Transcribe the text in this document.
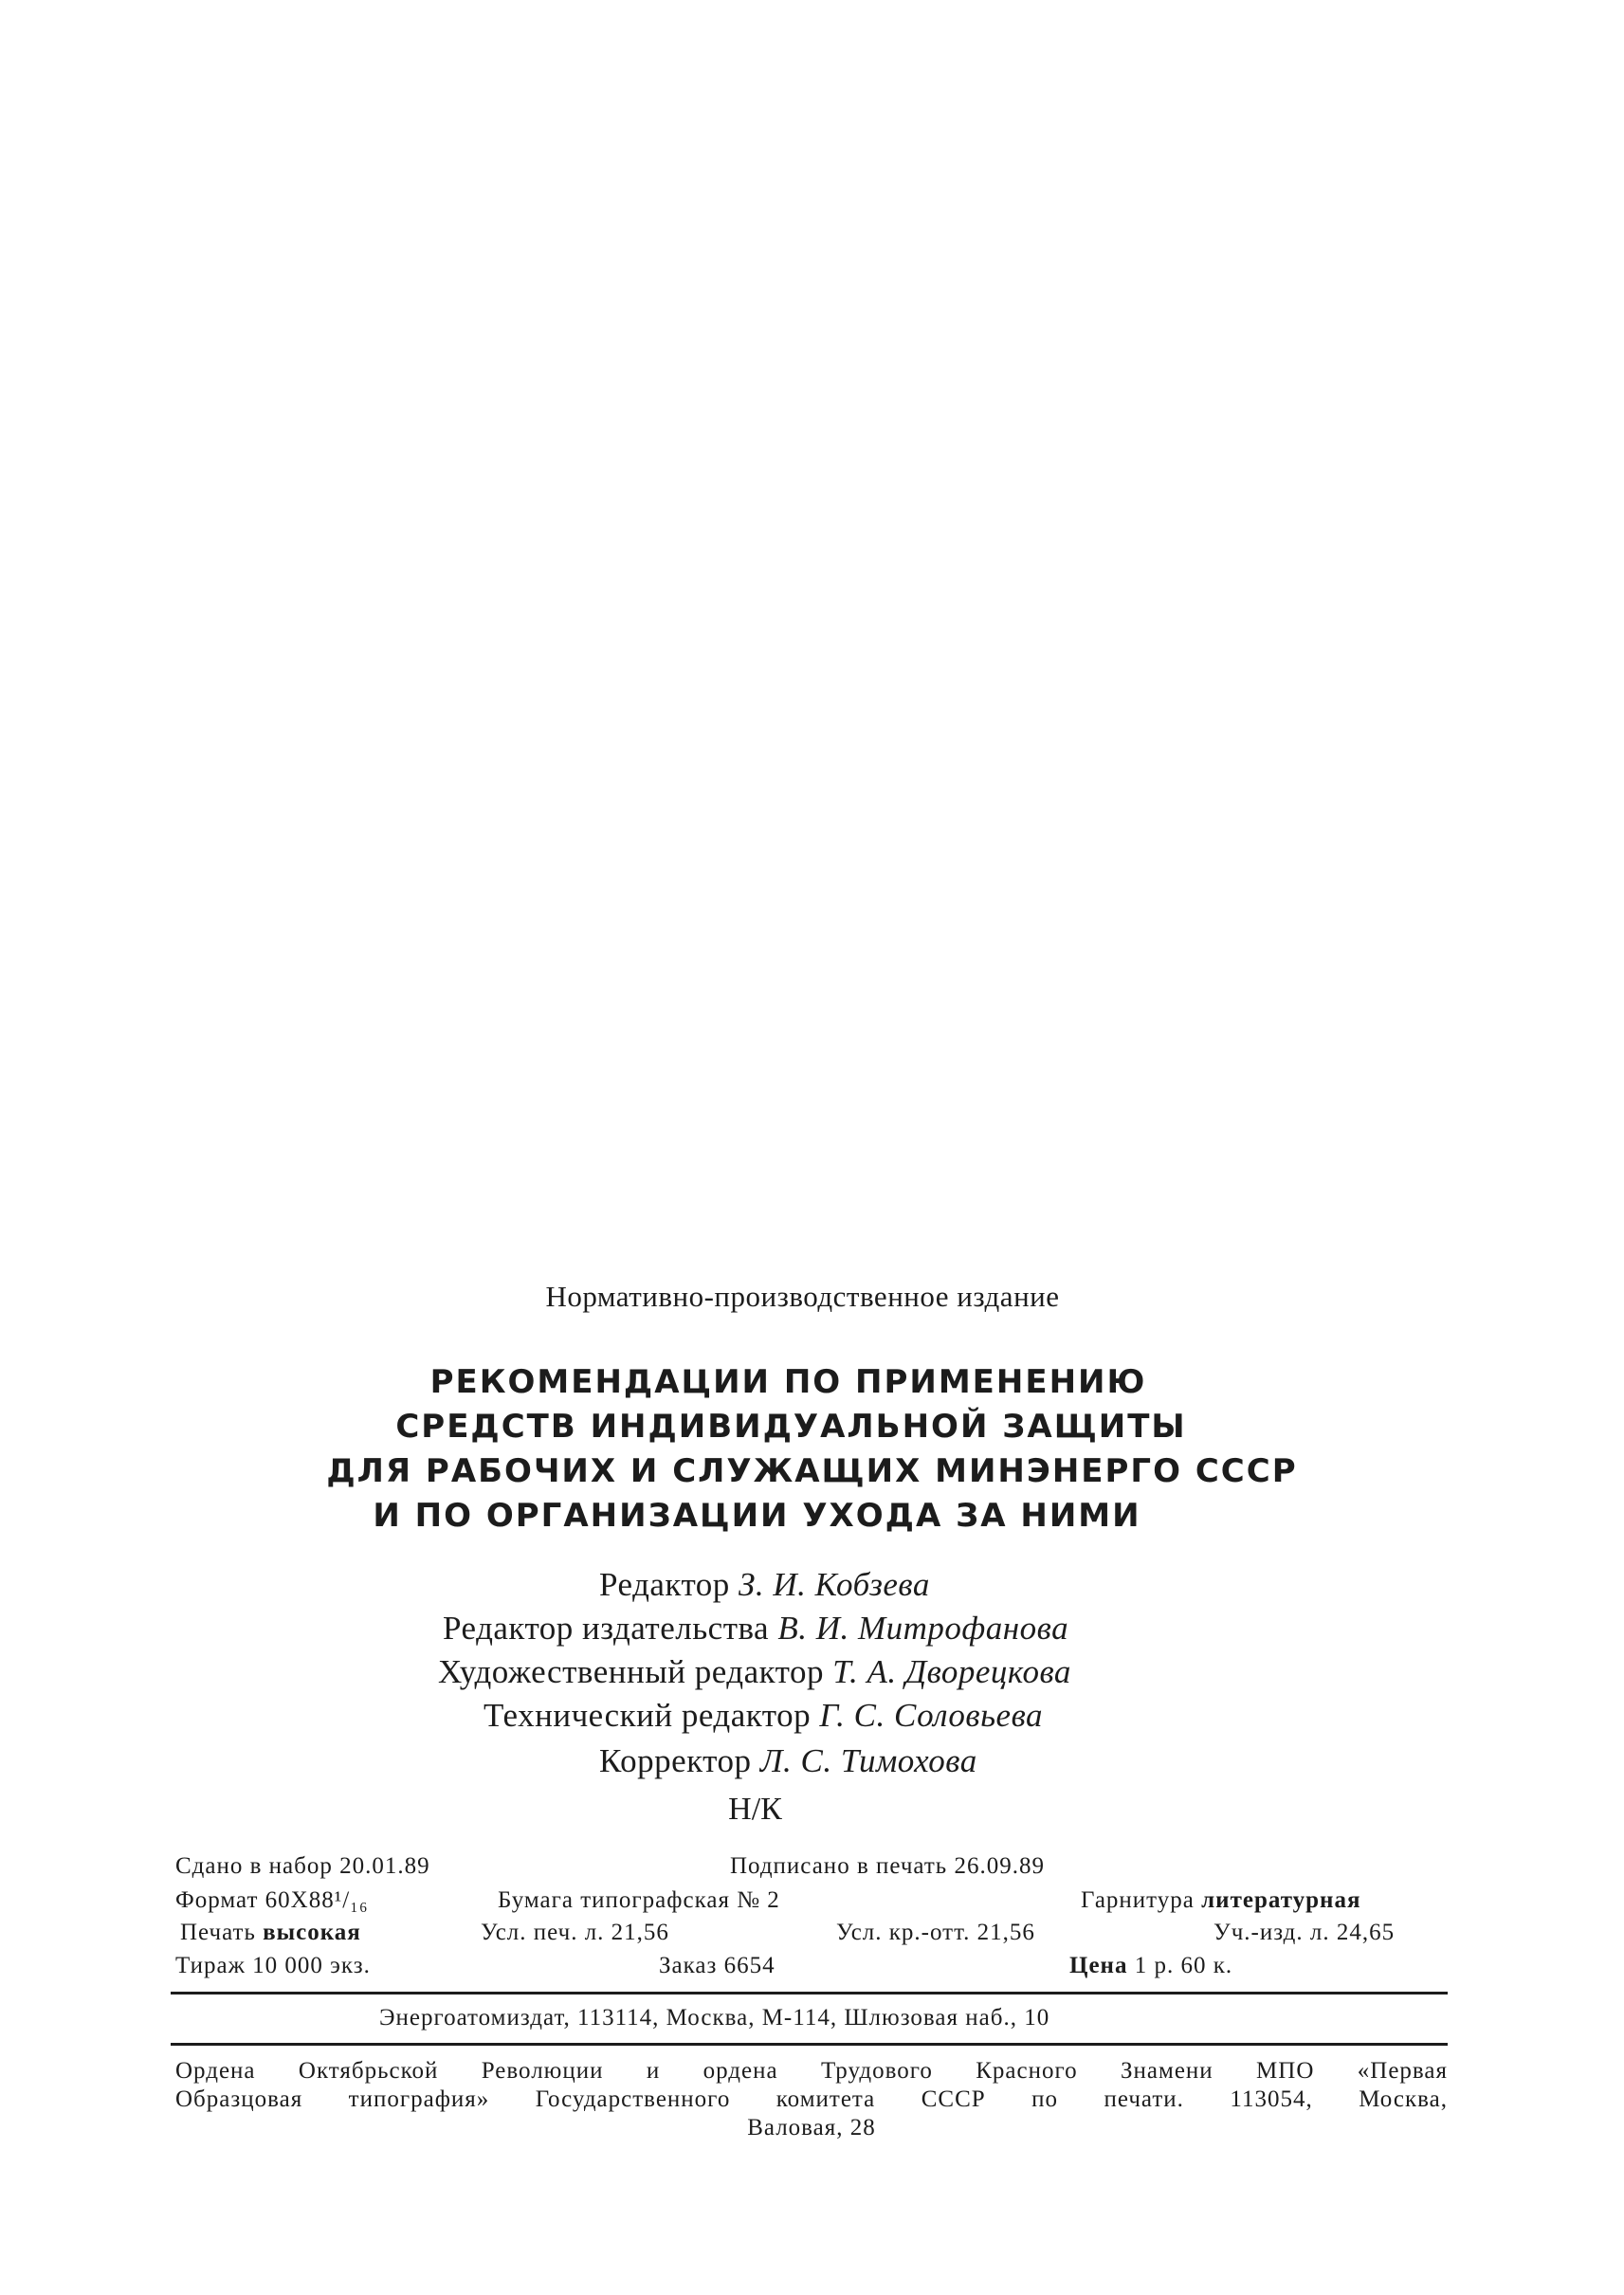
Нормативно-производственное издание
РЕКОМЕНДАЦИИ ПО ПРИМЕНЕНИЮ
СРЕДСТВ ИНДИВИДУАЛЬНОЙ ЗАЩИТЫ
ДЛЯ РАБОЧИХ И СЛУЖАЩИХ МИНЭНЕРГО СССР
И ПО ОРГАНИЗАЦИИ УХОДА ЗА НИМИ
Редактор З. И. Кобзева
Редактор издательства В. И. Митрофанова
Художественный редактор Т. А. Дворецкова
Технический редактор Г. С. Соловьева
Корректор Л. С. Тимохова
Н/К
Сдано в набор 20.01.89	Подписано в печать 26.09.89
Формат 60Х88¹/₁₆	Бумага типографская № 2	Гарнитура литературная
Печать высокая	Усл. печ. л. 21,56	Усл. кр.-отт. 21,56	Уч.-изд. л. 24,65
Тираж 10 000 экз.	Заказ 6654	Цена 1 р. 60 к.
Энергоатомиздат, 113114, Москва, М-114, Шлюзовая наб., 10
Ордена Октябрьской Революции и ордена Трудового Красного Знамени МПО «Первая
Образцовая типография» Государственного комитета СССР по печати. 113054, Москва,
Валовая, 28
